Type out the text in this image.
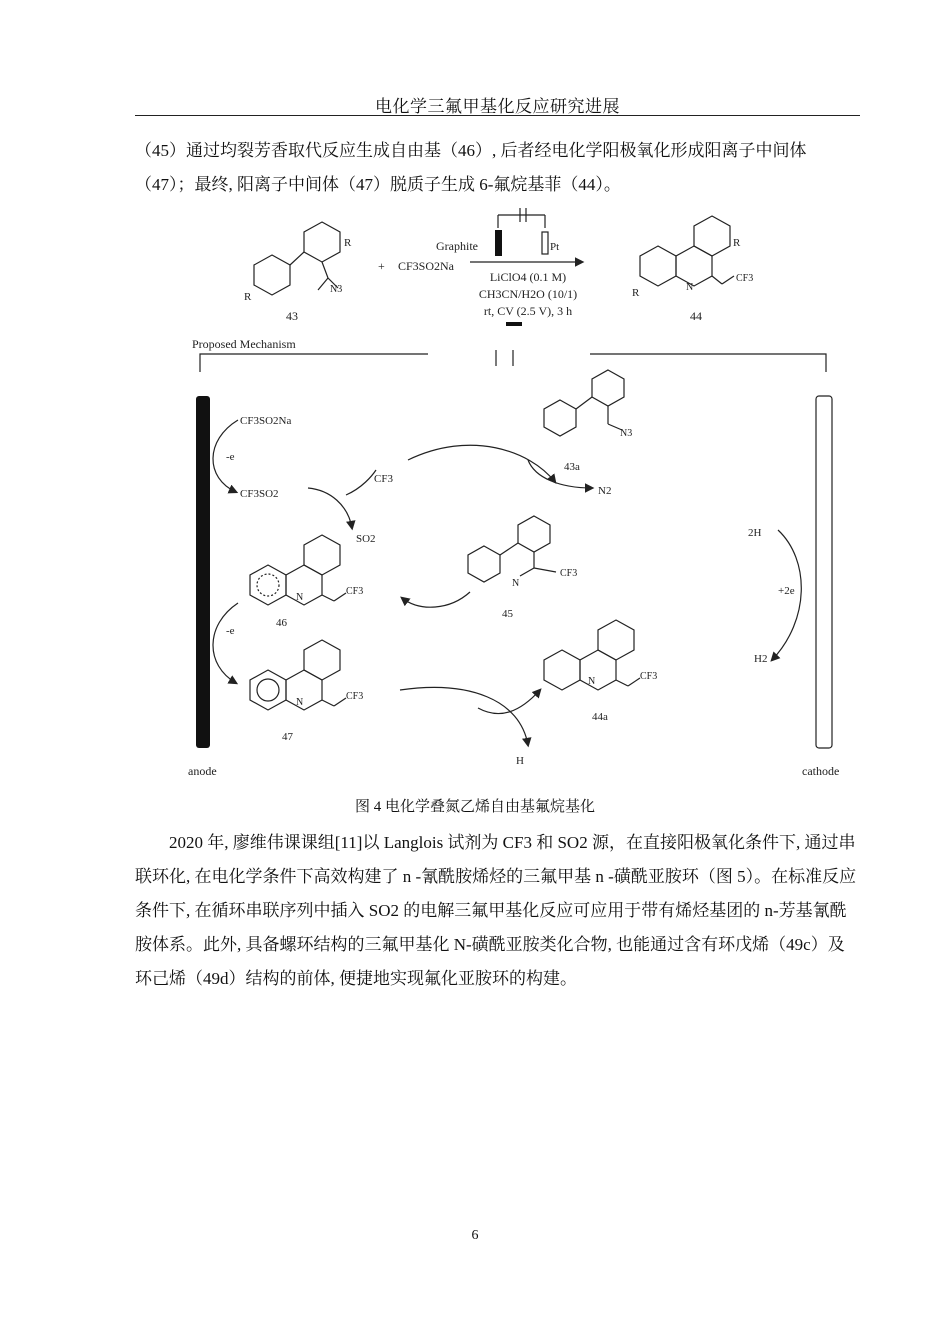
电化学三氟甲基化反应研究进展

（45）通过均裂芳香取代反应生成自由基（46）, 后者经电化学阳极氧化形成阳离子中间体（47）；最终, 阳离子中间体（47）脱质子生成 6-氟烷基菲（44）。

43
+ CF3SO2Na
Graphite	Pt
LiClO4 (0.1 M)
CH3CN/H2O (10/1)
rt, CV (2.5 V), 3 h	44
R
R	R
R
N3
CF3
N
Proposed Mechanism
anode	cathode
CF3SO2Na
-e
CF3SO2
CF3
SO2
N3
43a
N2
N
CF3
45
N
CF3
46
-e
N
CF3
47
N	CF3
44a
H
2H
+2e
H2
图 4 电化学叠氮乙烯自由基氟烷基化

2020 年, 廖维伟课课组[11]以 Langlois 试剂为 CF3 和 SO2 源，在直接阳极氧化条件下, 通过串联环化, 在电化学条件下高效构建了 n -氰酰胺烯烃的三氟甲基 n -磺酰亚胺环（图 5）。在标准反应条件下, 在循环串联序列中插入 SO2 的电解三氟甲基化反应可应用于带有烯烃基团的 n-芳基氰酰胺体系。此外, 具备螺环结构的三氟甲基化 N-磺酰亚胺类化合物, 也能通过含有环戊烯（49c）及环己烯（49d）结构的前体, 便捷地实现氟化亚胺环的构建。

6
